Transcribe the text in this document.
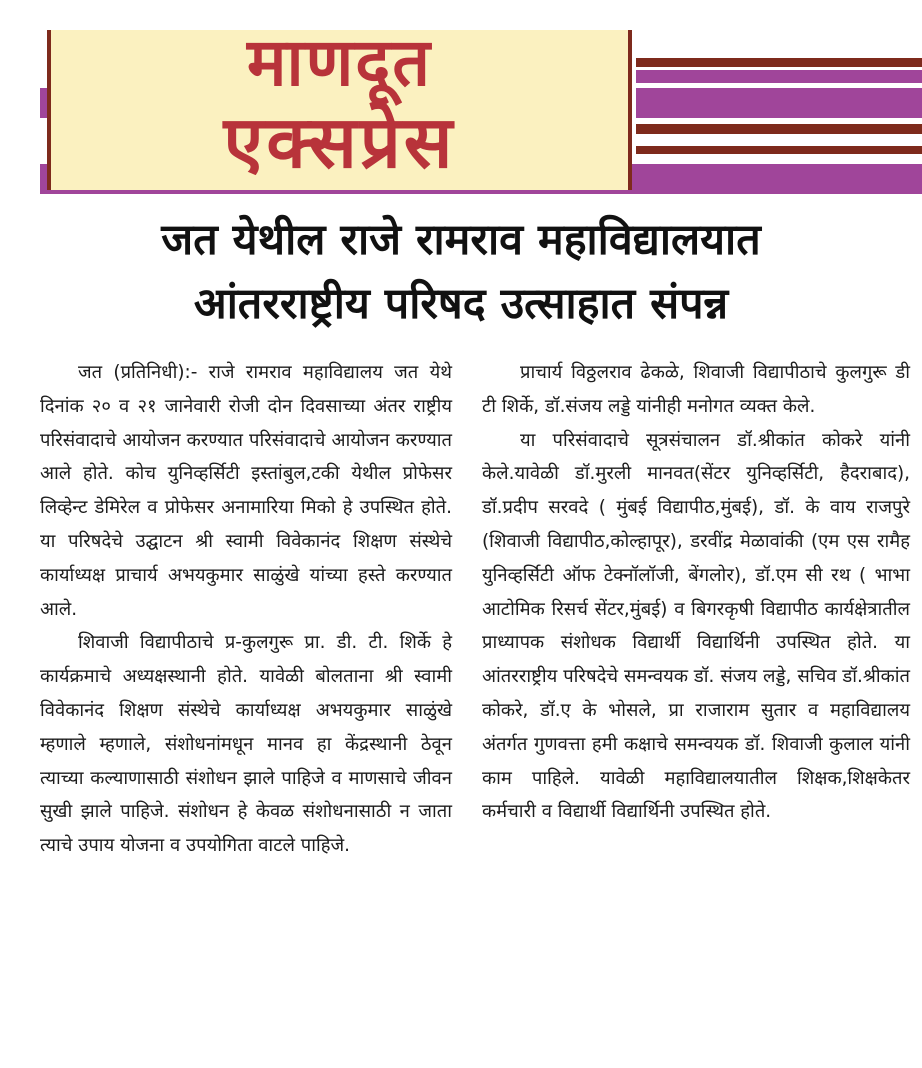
माणदूत
एक्सप्रेस
जत येथील राजे रामराव महाविद्यालयात
आंतरराष्ट्रीय परिषद उत्साहात संपन्न

जत (प्रतिनिधी):- राजे रामराव महाविद्यालय जत येथे दिनांक २० व २१ जानेवारी रोजी दोन दिवसाच्या अंतर राष्ट्रीय परिसंवादाचे आयोजन करण्यात परिसंवादाचे आयोजन करण्यात आले होते. कोच युनिव्हर्सिटी इस्तांबुल,टकी येथील प्रोफेसर लिव्हेन्ट डेमिरेल व प्रोफेसर अनामारिया मिको हे उपस्थित होते. या परिषदेचे उद्घाटन श्री स्वामी विवेकानंद शिक्षण संस्थेचे कार्याध्यक्ष प्राचार्य अभयकुमार साळुंखे यांच्या हस्ते करण्यात आले.

शिवाजी विद्यापीठाचे प्र-कुलगुरू प्रा. डी. टी. शिर्के हे कार्यक्रमाचे अध्यक्षस्थानी होते. यावेळी बोलताना श्री स्वामी विवेकानंद शिक्षण संस्थेचे कार्याध्यक्ष अभयकुमार साळुंखे म्हणाले म्हणाले, संशोधनांमधून मानव हा केंद्रस्थानी ठेवून त्याच्या कल्याणासाठी संशोधन झाले पाहिजे व माणसाचे जीवन सुखी झाले पाहिजे. संशोधन हे केवळ संशोधनासाठी न जाता त्याचे उपाय योजना व उपयोगिता वाटले पाहिजे.

प्राचार्य विठ्ठलराव ढेकळे, शिवाजी विद्यापीठाचे कुलगुरू डी टी शिर्के, डॉ.संजय लड्डे यांनीही मनोगत व्यक्त केले.

या परिसंवादाचे सूत्रसंचालन डॉ.श्रीकांत कोकरे यांनी केले.यावेळी डॉ.मुरली मानवत(सेंटर युनिव्हर्सिटी, हैदराबाद), डॉ.प्रदीप सरवदे ( मुंबई विद्यापीठ,मुंबई), डॉ. के वाय राजपुरे (शिवाजी विद्यापीठ,कोल्हापूर), डरवींद्र मेळावांकी (एम एस रामैह युनिव्हर्सिटी ऑफ टेक्नॉलॉजी, बेंगलोर), डॉ.एम सी रथ ( भाभा आटोमिक रिसर्च सेंटर,मुंबई) व बिगरकृषी विद्यापीठ कार्यक्षेत्रातील प्राध्यापक संशोधक विद्यार्थी विद्यार्थिनी उपस्थित होते. या आंतरराष्ट्रीय परिषदेचे समन्वयक डॉ. संजय लड्डे, सचिव डॉ.श्रीकांत कोकरे, डॉ.ए के भोसले, प्रा राजाराम सुतार व महाविद्यालय अंतर्गत गुणवत्ता हमी कक्षाचे समन्वयक डॉ. शिवाजी कुलाल यांनी काम पाहिले. यावेळी महाविद्यालयातील शिक्षक,शिक्षकेतर कर्मचारी व विद्यार्थी विद्यार्थिनी उपस्थित होते.
